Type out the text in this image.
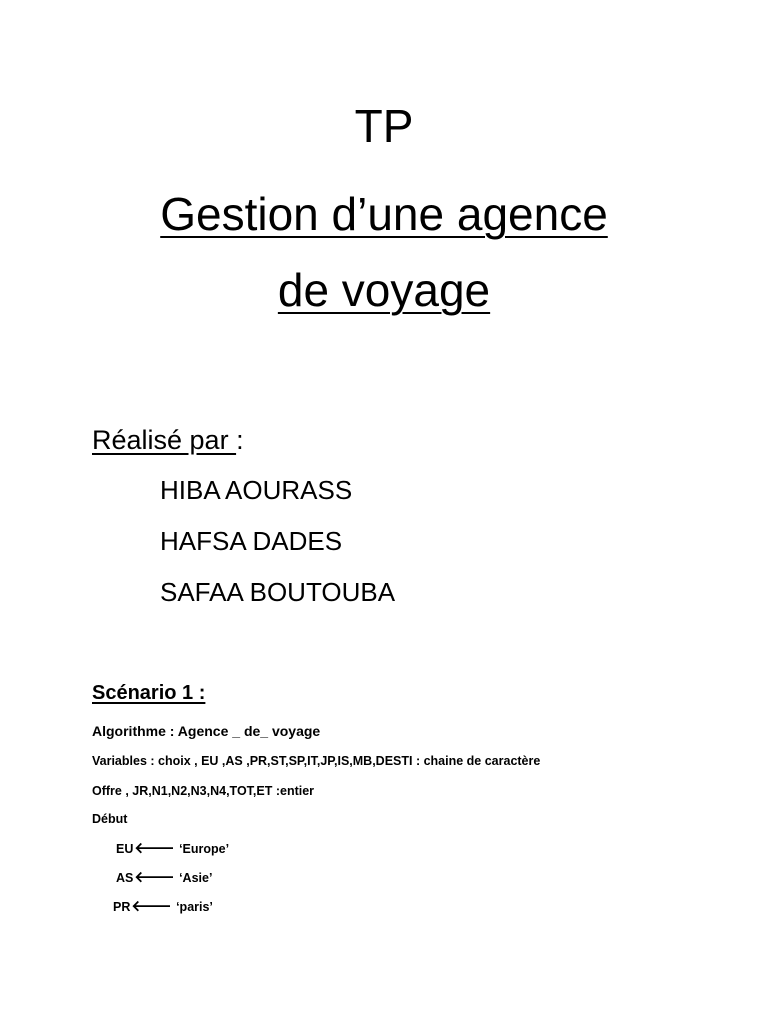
TP
Gestion d’une agence
de voyage
Réalisé par :
HIBA AOURASS
HAFSA DADES
SAFAA BOUTOUBA
Scénario 1 :
Algorithme : Agence _ de_ voyage
Variables : choix , EU ,AS ,PR,ST,SP,IT,JP,IS,MB,DESTI : chaine de caractère
Offre , JR,N1,N2,N3,N4,TOT,ET :entier
Début
EU🡐 ‘Europe’
AS🡐 ‘Asie’
PR🡐 ‘paris’
